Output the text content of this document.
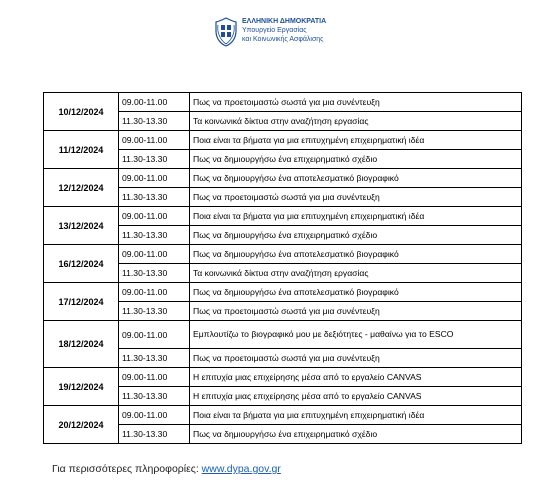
ΕΛΛΗΝΙΚΗ ΔΗΜΟΚΡΑΤΙΑ
Υπουργείο Εργασίας
και Κοινωνικής Ασφάλισης
10/12/2024	09.00-11.00	Πως να προετοιμαστώ σωστά για μια συνέντευξη
	11.30-13.30	Τα κοινωνικά δίκτυα στην αναζήτηση εργασίας
11/12/2024	09.00-11.00	Ποια είναι τα βήματα για μια επιτυχημένη επιχειρηματική ιδέα
	11.30-13.30	Πως να δημιουργήσω ένα επιχειρηματικό σχέδιο
12/12/2024	09.00-11.00	Πως να δημιουργήσω ένα αποτελεσματικό βιογραφικό
	11.30-13.30	Πως να προετοιμαστώ σωστά για μια συνέντευξη
13/12/2024	09.00-11.00	Ποια είναι τα βήματα για μια επιτυχημένη επιχειρηματική ιδέα
	11.30-13.30	Πως να δημιουργήσω ένα επιχειρηματικό σχέδιο
16/12/2024	09.00-11.00	Πως να δημιουργήσω ένα αποτελεσματικό βιογραφικό
	11.30-13.30	Τα κοινωνικά δίκτυα στην αναζήτηση εργασίας
17/12/2024	09.00-11.00	Πως να δημιουργήσω ένα αποτελεσματικό βιογραφικό
	11.30-13.30	Πως να προετοιμαστώ σωστά για μια συνέντευξη
18/12/2024	09.00-11.00	Εμπλουτίζω το βιογραφικό μου με δεξιότητες - μαθαίνω για το ESCO
	11.30-13.30	Πως να προετοιμαστώ σωστά για μια συνέντευξη
19/12/2024	09.00-11.00	Η επιτυχία μιας επιχείρησης μέσα από το εργαλείο CANVAS
	11.30-13.30	Η επιτυχία μιας επιχείρησης μέσα από το εργαλείο CANVAS
20/12/2024	09.00-11.00	Ποια είναι τα βήματα για μια επιτυχημένη επιχειρηματική ιδέα
	11.30-13.30	Πως να δημιουργήσω ένα επιχειρηματικό σχέδιο
Για περισσότερες πληροφορίες: www.dypa.gov.gr
